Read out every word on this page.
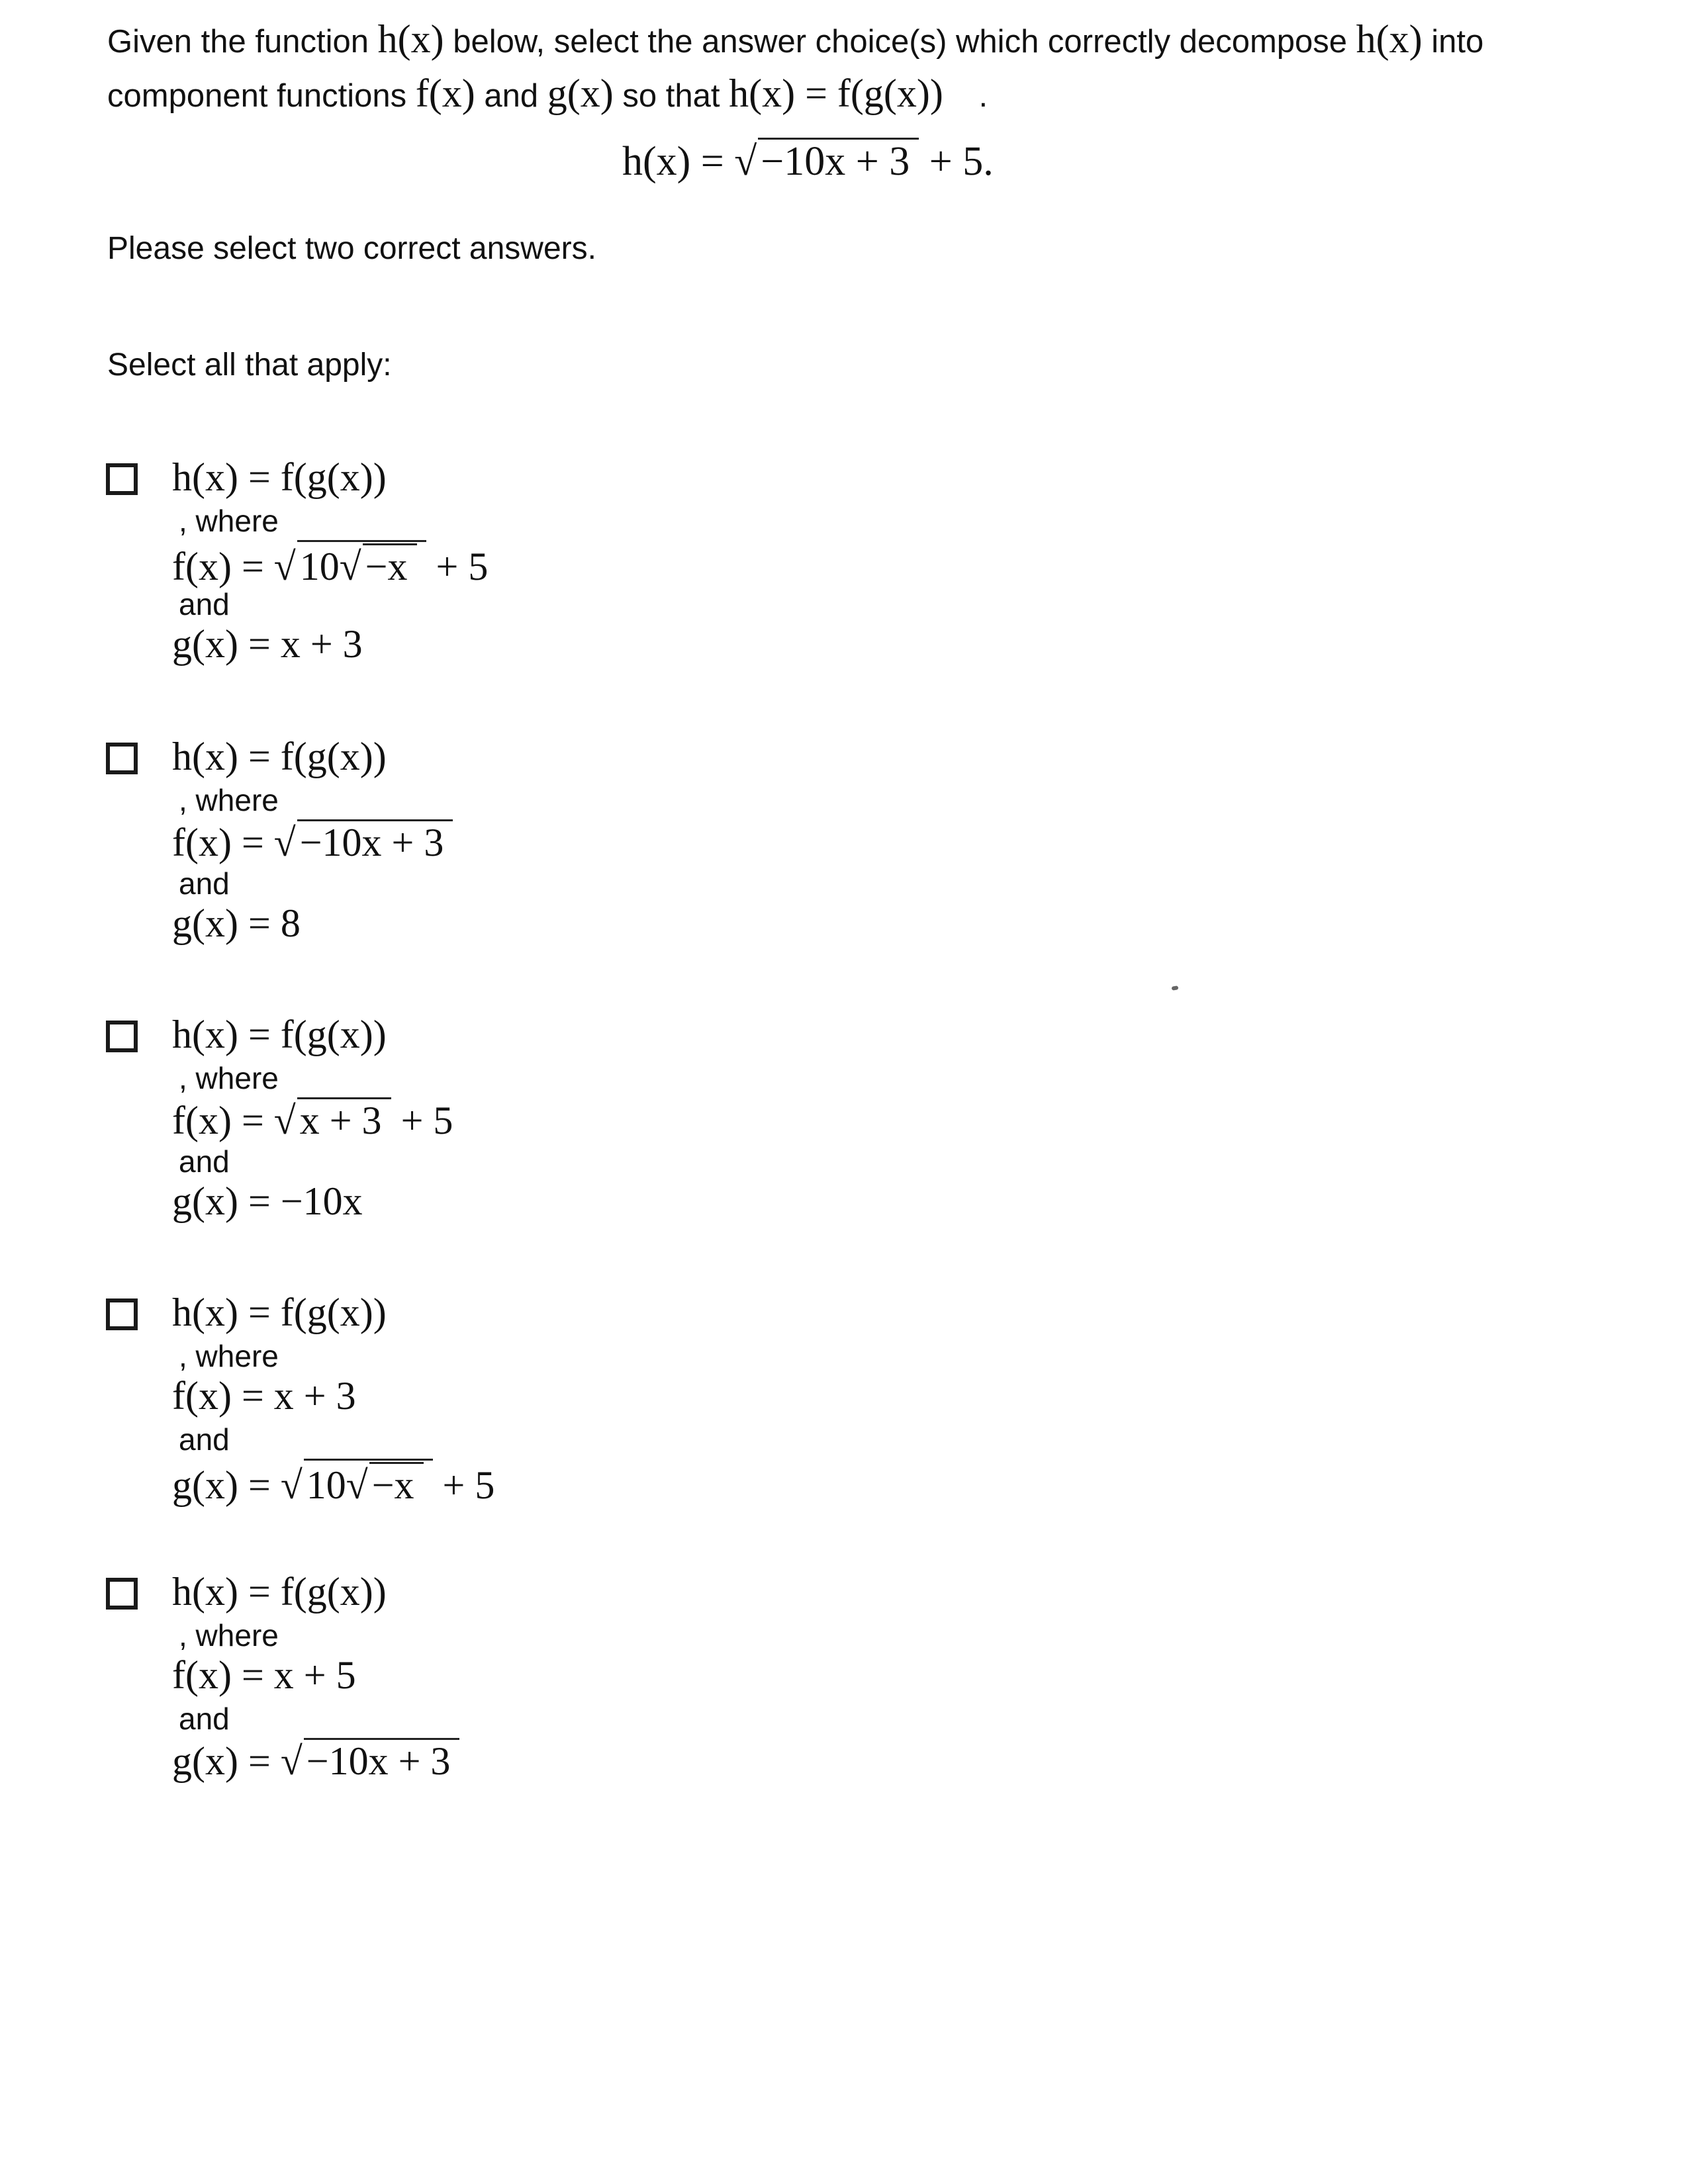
Given the function h(x) below, select the answer choice(s) which correctly decompose h(x) into
component functions f(x) and g(x) so that h(x) = f(g(x)) .
h(x) = √−10x + 3 + 5.
Please select two correct answers.
Select all that apply:
h(x) = f(g(x))
, where
f(x) = √ 10√ −x + 5
and
g(x) = x + 3
h(x) = f(g(x))
, where
f(x) = √ −10x + 3
and
g(x) = 8
h(x) = f(g(x))
, where
f(x) = √ x + 3 + 5
and
g(x) = −10x
h(x) = f(g(x))
, where
f(x) = x + 3
and
g(x) = √ 10√ −x + 5
h(x) = f(g(x))
, where
f(x) = x + 5
and
g(x) = √ −10x + 3
